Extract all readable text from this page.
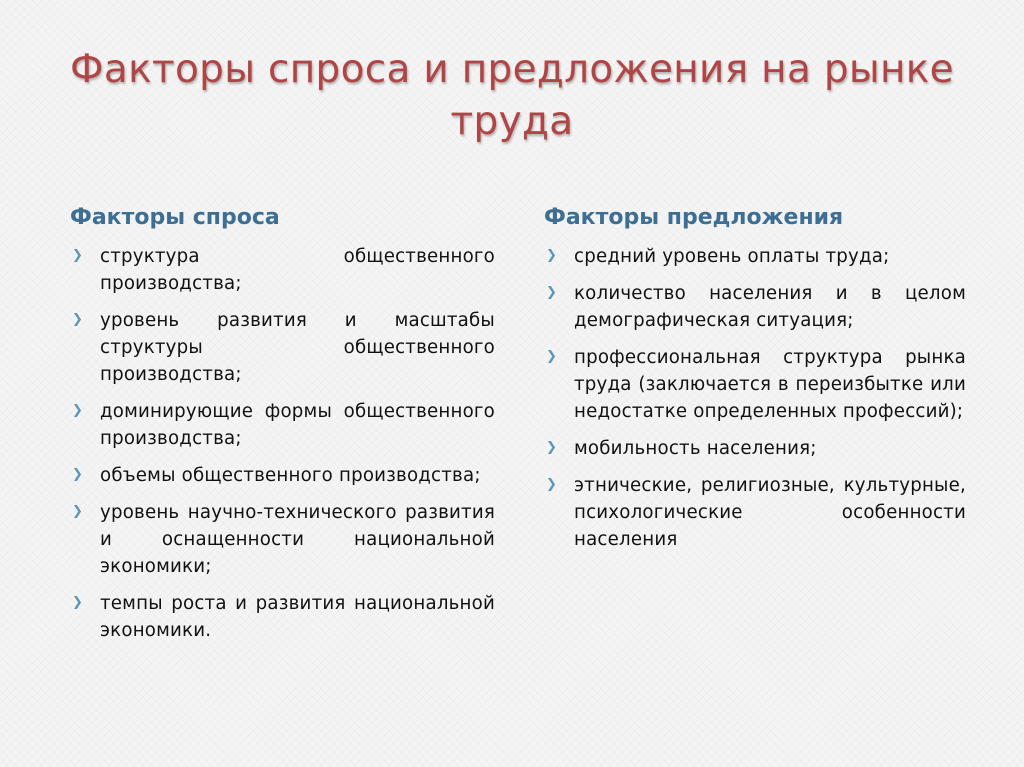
Факторы спроса и предложения на рынке труда
Факторы спроса
❯ структура общественного производства;
❯ уровень развития и масштабы структуры общественного производства;
❯ доминирующие формы общественного производства;
❯ объемы общественного производства;
❯ уровень научно-технического развития и оснащенности национальной экономики;
❯ темпы роста и развития национальной экономики.
Факторы предложения
❯ средний уровень оплаты труда;
❯ количество населения и в целом демографическая ситуация;
❯ профессиональная структура рынка труда (заключается в переизбытке или недостатке определенных профессий);
❯ мобильность населения;
❯ этнические, религиозные, культурные, психологические особенности населения
